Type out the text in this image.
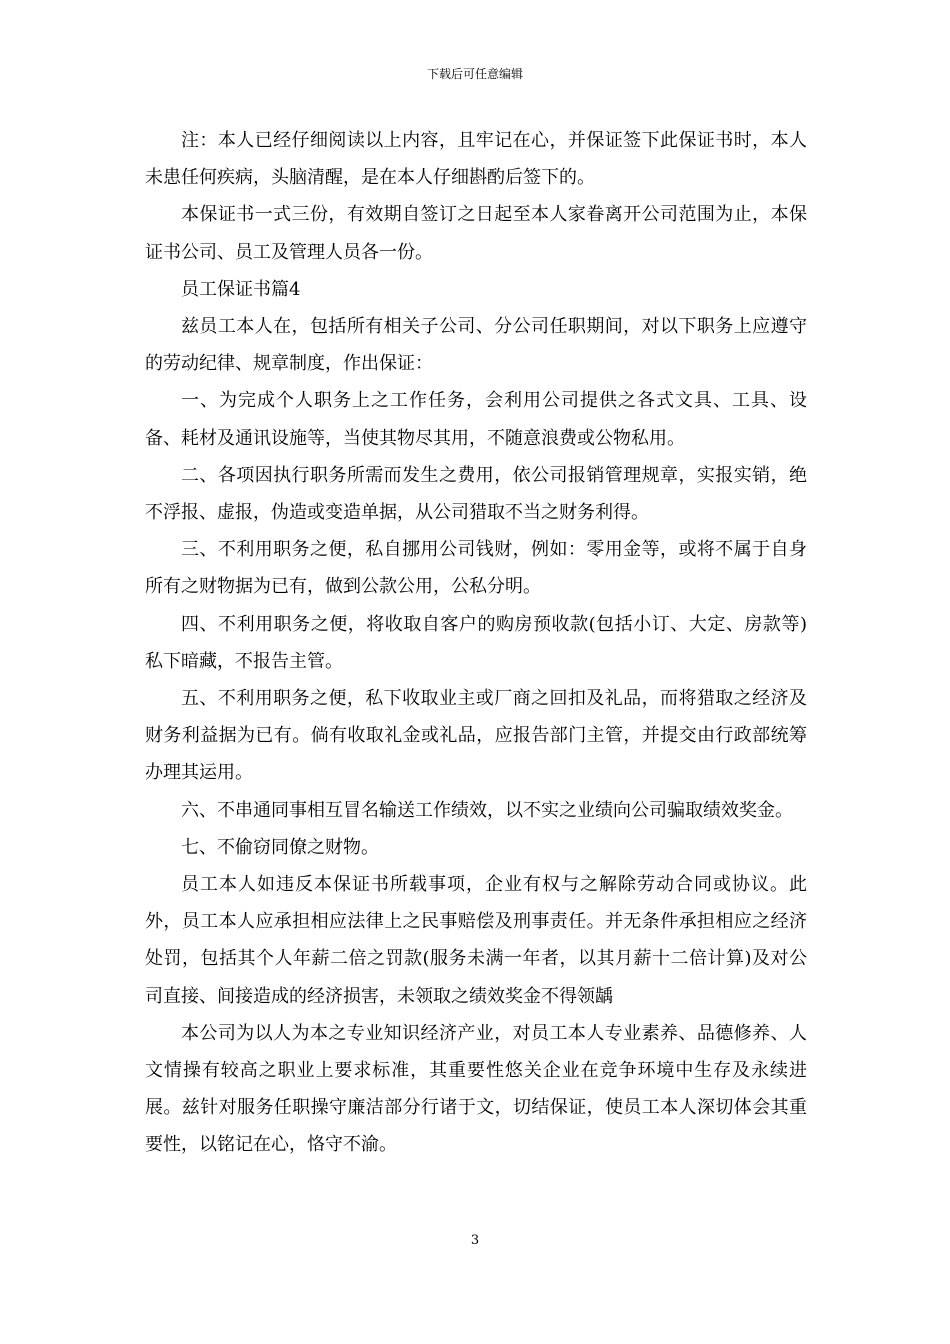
下载后可任意编辑

注：本人已经仔细阅读以上内容，且牢记在心，并保证签下此保证书时，本人未患任何疾病，头脑清醒，是在本人仔细斟酌后签下的。

本保证书一式三份，有效期自签订之日起至本人家眷离开公司范围为止，本保证书公司、员工及管理人员各一份。

员工保证书篇4

兹员工本人在，包括所有相关子公司、分公司任职期间，对以下职务上应遵守的劳动纪律、规章制度，作出保证：

一、为完成个人职务上之工作任务，会利用公司提供之各式文具、工具、设备、耗材及通讯设施等，当使其物尽其用，不随意浪费或公物私用。

二、各项因执行职务所需而发生之费用，依公司报销管理规章，实报实销，绝不浮报、虚报，伪造或变造单据，从公司猎取不当之财务利得。

三、不利用职务之便，私自挪用公司钱财，例如：零用金等，或将不属于自身所有之财物据为已有，做到公款公用，公私分明。

四、不利用职务之便，将收取自客户的购房预收款(包括小订、大定、房款等)私下暗藏，不报告主管。

五、不利用职务之便，私下收取业主或厂商之回扣及礼品，而将猎取之经济及财务利益据为已有。倘有收取礼金或礼品，应报告部门主管，并提交由行政部统筹办理其运用。

六、不串通同事相互冒名输送工作绩效，以不实之业绩向公司骗取绩效奖金。

七、不偷窃同僚之财物。

员工本人如违反本保证书所载事项，企业有权与之解除劳动合同或协议。此外，员工本人应承担相应法律上之民事赔偿及刑事责任。并无条件承担相应之经济处罚，包括其个人年薪二倍之罚款(服务未满一年者，以其月薪十二倍计算)及对公司直接、间接造成的经济损害，未领取之绩效奖金不得领龋

本公司为以人为本之专业知识经济产业，对员工本人专业素养、品德修养、人文情操有较高之职业上要求标准，其重要性悠关企业在竞争环境中生存及永续进展。兹针对服务任职操守廉洁部分行诸于文，切结保证，使员工本人深切体会其重要性，以铭记在心，恪守不渝。

3
